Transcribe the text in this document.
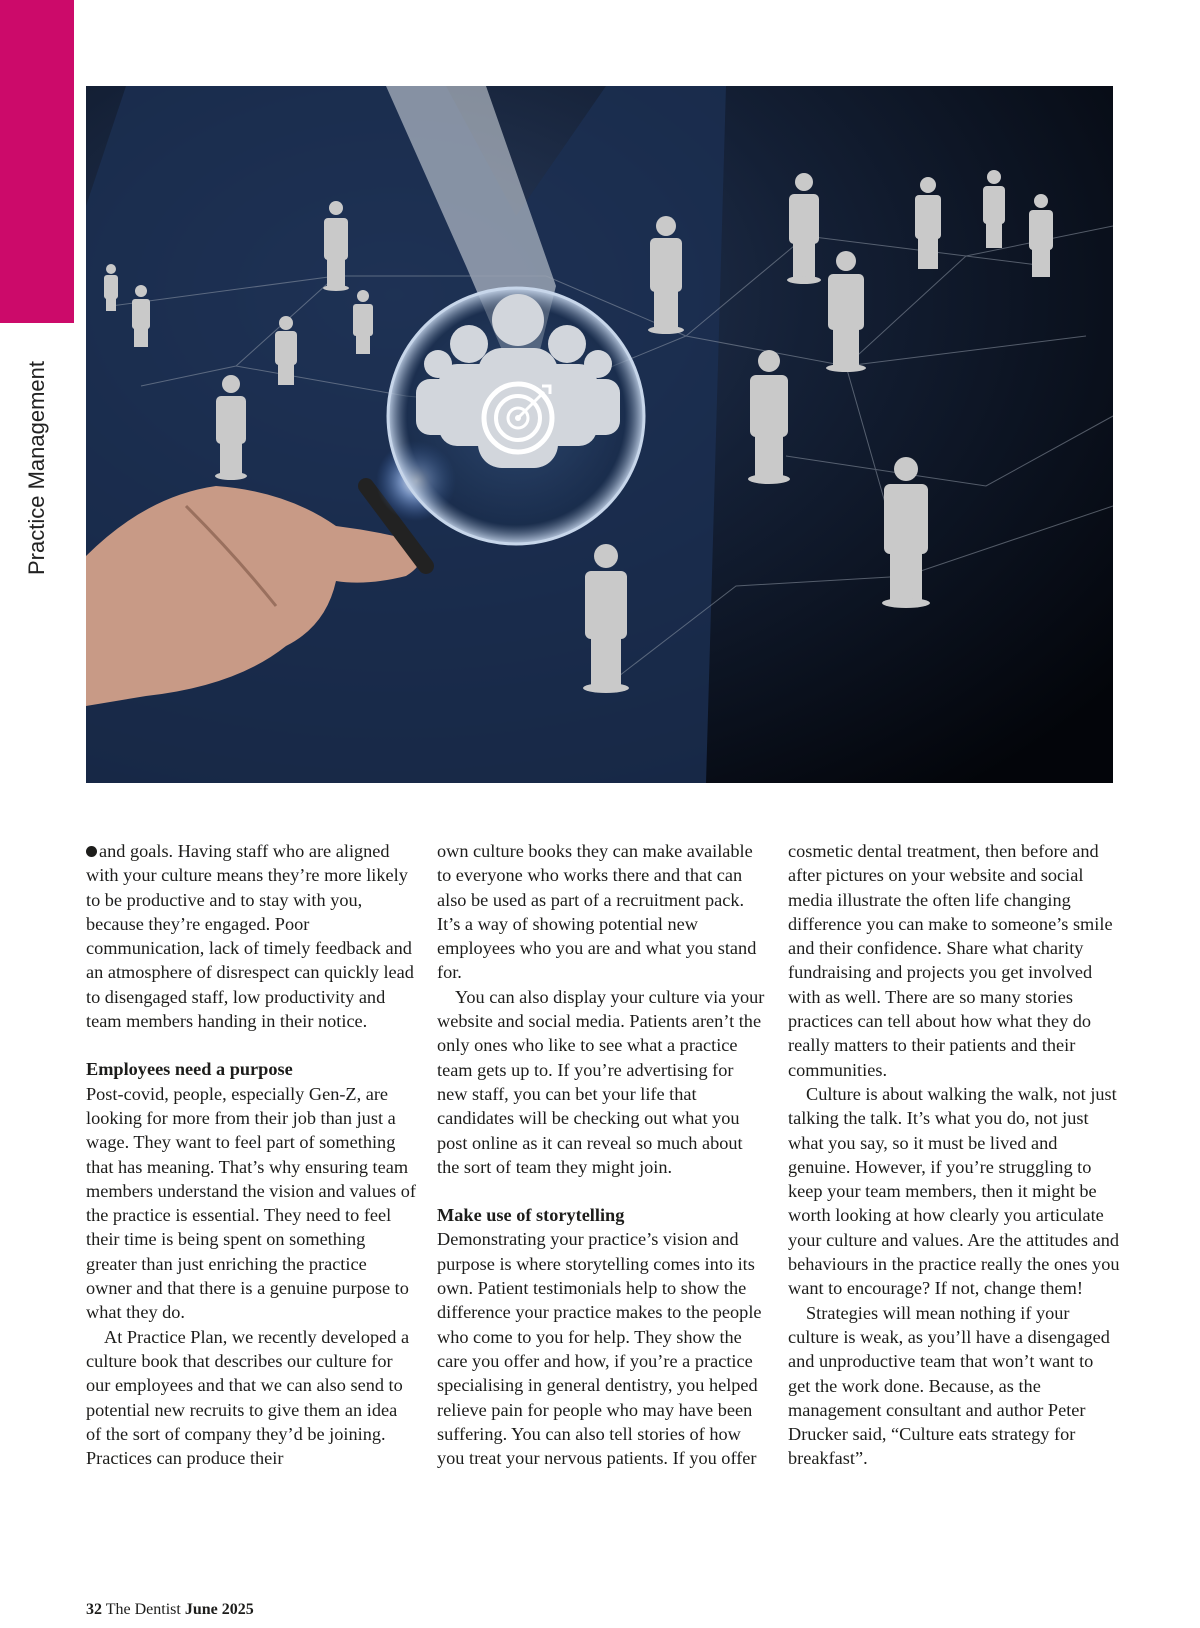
Practice Management

and goals. Having staff who are aligned with your culture means they’re more likely to be productive and to stay with you, because they’re engaged. Poor communication, lack of timely feedback and an atmosphere of disrespect can quickly lead to disengaged staff, low productivity and team members handing in their notice.

Employees need a purpose

Post-covid, people, especially Gen-Z, are looking for more from their job than just a wage. They want to feel part of something that has meaning. That’s why ensuring team members understand the vision and values of the practice is essential. They need to feel their time is being spent on something greater than just enriching the practice owner and that there is a genuine purpose to what they do.

At Practice Plan, we recently developed a culture book that describes our culture for our employees and that we can also send to potential new recruits to give them an idea of the sort of company they’d be joining. Practices can produce their

own culture books they can make available to everyone who works there and that can also be used as part of a recruitment pack. It’s a way of showing potential new employees who you are and what you stand for.

You can also display your culture via your website and social media. Patients aren’t the only ones who like to see what a practice team gets up to. If you’re advertising for new staff, you can bet your life that candidates will be checking out what you post online as it can reveal so much about the sort of team they might join.

Make use of storytelling

Demonstrating your practice’s vision and purpose is where storytelling comes into its own. Patient testimonials help to show the difference your practice makes to the people who come to you for help. They show the care you offer and how, if you’re a practice specialising in general dentistry, you helped relieve pain for people who may have been suffering. You can also tell stories of how you treat your nervous patients. If you offer

cosmetic dental treatment, then before and after pictures on your website and social media illustrate the often life changing difference you can make to someone’s smile and their confidence. Share what charity fundraising and projects you get involved with as well. There are so many stories practices can tell about how what they do really matters to their patients and their communities.

Culture is about walking the walk, not just talking the talk. It’s what you do, not just what you say, so it must be lived and genuine. However, if you’re struggling to keep your team members, then it might be worth looking at how clearly you articulate your culture and values. Are the attitudes and behaviours in the practice really the ones you want to encourage? If not, change them!

Strategies will mean nothing if your culture is weak, as you’ll have a disengaged and unproductive team that won’t want to get the work done. Because, as the management consultant and author Peter Drucker said, “Culture eats strategy for breakfast”.

32 The Dentist June 2025
